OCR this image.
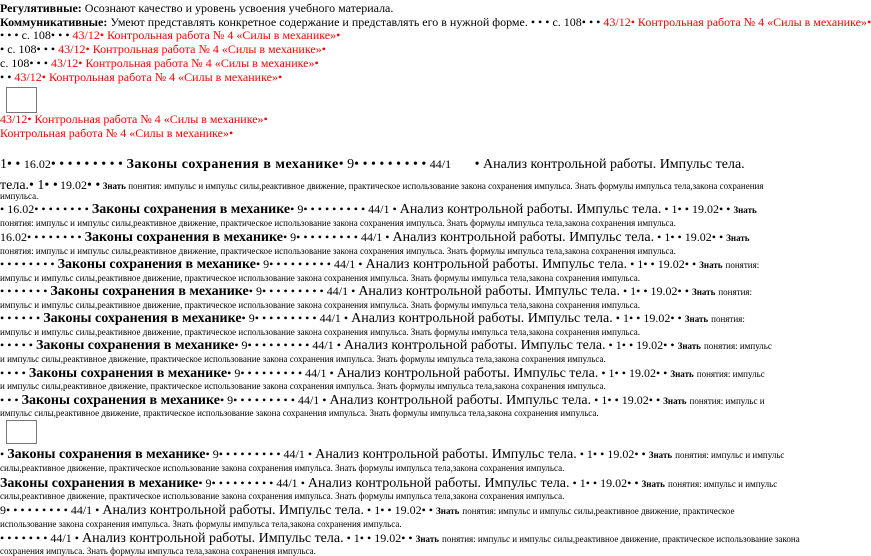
Регулятивные: Осознают качество и уровень усвоения учебного материала.
Коммуникативные: Умеют представлять конкретное содержание и представлять его в нужной форме. • • • с. 108• • • 43/12• Контрольная работа № 4 «Силы в механике»•
• • • с. 108• • • 43/12• Контрольная работа № 4 «Силы в механике»•
• с. 108• • • 43/12• Контрольная работа № 4 «Силы в механике»•
с. 108• • • 43/12• Контрольная работа № 4 «Силы в механике»•
• • 43/12• Контрольная работа № 4 «Силы в механике»•
43/12• Контрольная работа № 4 «Силы в механике»•
Контрольная работа № 4 «Силы в механике»•
1• • 16.02• • • • • • • • • Законы сохранения в механике• 9• • • • • • • • • 44/1 • Анализ контрольной работы. Импульс тела.
тела.• 1• • 19.02• • Знать понятия: импульс и импульс силы,реактивное движение, практическое использование закона сохранения импульса. Знать формулы импульса тела,закона сохранения
импульса.
• 16.02• • • • • • • • Законы сохранения в механике• 9• • • • • • • • • 44/1 • Анализ контрольной работы. Импульс тела. • 1• • 19.02• • Знать
понятия: импульс и импульс силы,реактивное движение, практическое использование закона сохранения импульса. Знать формулы импульса тела,закона сохранения импульса.
16.02• • • • • • • • Законы сохранения в механике• 9• • • • • • • • • 44/1 • Анализ контрольной работы. Импульс тела. • 1• • 19.02• • Знать
понятия: импульс и импульс силы,реактивное движение, практическое использование закона сохранения импульса. Знать формулы импульса тела,закона сохранения импульса.
• • • • • • • • Законы сохранения в механике• 9• • • • • • • • • 44/1 • Анализ контрольной работы. Импульс тела. • 1• • 19.02• • Знать понятия:
импульс и импульс силы,реактивное движение, практическое использование закона сохранения импульса. Знать формулы импульса тела,закона сохранения импульса.
• • • • • • • Законы сохранения в механике• 9• • • • • • • • • 44/1 • Анализ контрольной работы. Импульс тела. • 1• • 19.02• • Знать понятия:
импульс и импульс силы,реактивное движение, практическое использование закона сохранения импульса. Знать формулы импульса тела,закона сохранения импульса.
• • • • • • Законы сохранения в механике• 9• • • • • • • • • 44/1 • Анализ контрольной работы. Импульс тела. • 1• • 19.02• • Знать понятия:
импульс и импульс силы,реактивное движение, практическое использование закона сохранения импульса. Знать формулы импульса тела,закона сохранения импульса.
• • • • • Законы сохранения в механике• 9• • • • • • • • • 44/1 • Анализ контрольной работы. Импульс тела. • 1• • 19.02• • Знать понятия: импульс
и импульс силы,реактивное движение, практическое использование закона сохранения импульса. Знать формулы импульса тела,закона сохранения импульса.
• • • • Законы сохранения в механике• 9• • • • • • • • • 44/1 • Анализ контрольной работы. Импульс тела. • 1• • 19.02• • Знать понятия: импульс
и импульс силы,реактивное движение, практическое использование закона сохранения импульса. Знать формулы импульса тела,закона сохранения импульса.
• • • Законы сохранения в механике• 9• • • • • • • • • 44/1 • Анализ контрольной работы. Импульс тела. • 1• • 19.02• • Знать понятия: импульс и
импульс силы,реактивное движение, практическое использование закона сохранения импульса. Знать формулы импульса тела,закона сохранения импульса.
• Законы сохранения в механике• 9• • • • • • • • • 44/1 • Анализ контрольной работы. Импульс тела. • 1• • 19.02• • Знать понятия: импульс и импульс
силы,реактивное движение, практическое использование закона сохранения импульса. Знать формулы импульса тела,закона сохранения импульса.
Законы сохранения в механике• 9• • • • • • • • • 44/1 • Анализ контрольной работы. Импульс тела. • 1• • 19.02• • Знать понятия: импульс и импульс
силы,реактивное движение, практическое использование закона сохранения импульса. Знать формулы импульса тела,закона сохранения импульса.
9• • • • • • • • • 44/1 • Анализ контрольной работы. Импульс тела. • 1• • 19.02• • Знать понятия: импульс и импульс силы,реактивное движение, практическое
использование закона сохранения импульса. Знать формулы импульса тела,закона сохранения импульса.
• • • • • • • 44/1 • Анализ контрольной работы. Импульс тела. • 1• • 19.02• • Знать понятия: импульс и импульс силы,реактивное движение, практическое использование закона
сохранения импульса. Знать формулы импульса тела,закона сохранения импульса.
